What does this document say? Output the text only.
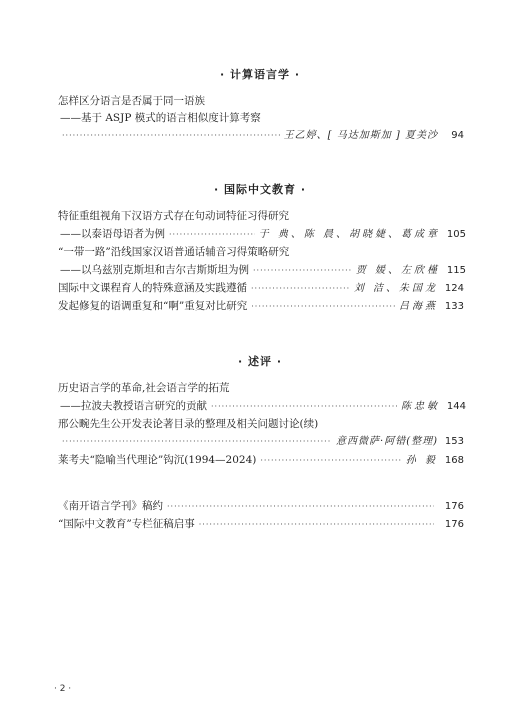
· 计算语言学 ·
怎样区分语言是否属于同一语族
——基于 ASJP 模式的语言相似度计算考察
·····
王乙婷、[ 马达加斯加 ] 夏美沙	94
· 国际中文教育 ·
特征重组视角下汉语方式存在句动词特征习得研究
——以泰语母语者为例 ·····	于 典、陈 晨、胡晓婕、葛成章 105
“一带一路”沿线国家汉语普通话辅音习得策略研究
——以乌兹别克斯坦和吉尔吉斯斯坦为例 ·····	贾 媛、左欣槿 115
国际中文课程育人的特殊意涵及实践遵循 ·····	刘 洁、朱国龙 124
发起修复的语调重复和“啊”重复对比研究 ·····	吕海燕 133
· 述评 ·
历史语言学的革命,社会语言学的拓荒
——拉波夫教授语言研究的贡献 ·····	陈忠敏 144
邢公畹先生公开发表论著目录的整理及相关问题讨论(续)
·····
意西微萨·阿错(整理) 153
莱考夫“隐喻当代理论”钩沉(1994—2024) ·····	孙 毅 168
《南开语言学刊》稿约 ·····	176
“国际中文教育”专栏征稿启事 ·····	176
· 2 ·
